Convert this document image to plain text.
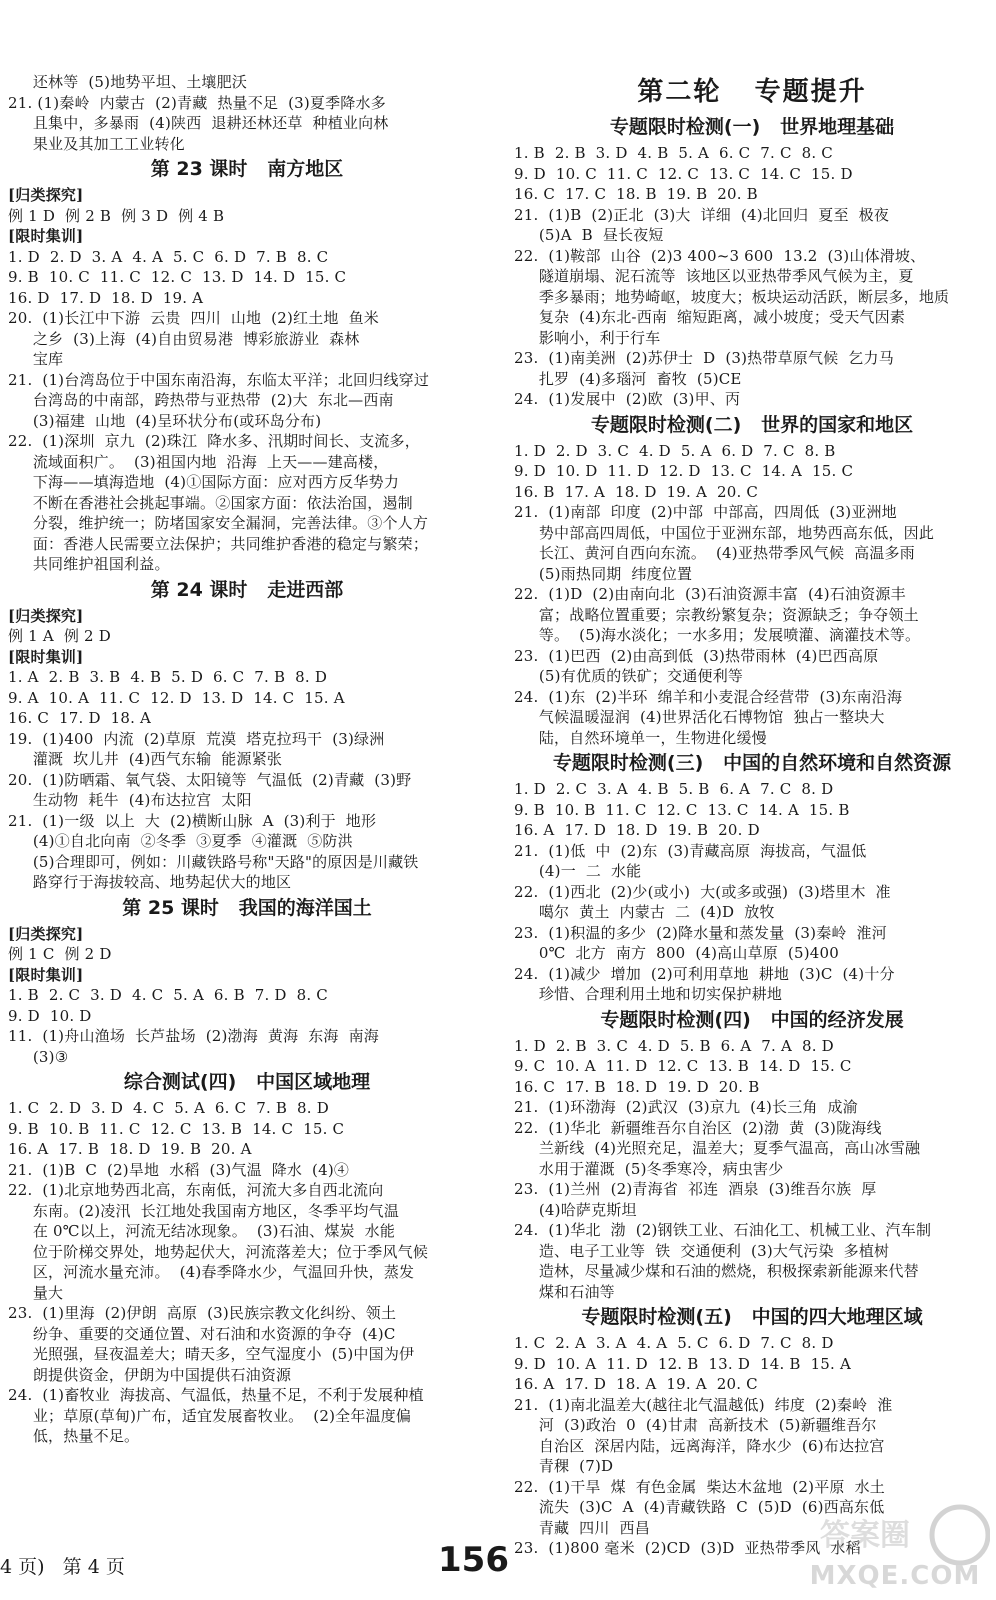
还林等  (5)地势平坦、土壤肥沃
21. (1)秦岭  内蒙古  (2)青藏  热量不足  (3)夏季降水多
且集中，多暴雨  (4)陕西  退耕还林还草  种植业向林
果业及其加工工业转化
第 23 课时   南方地区
[归类探究]
例 1 D  例 2 B  例 3 D  例 4 B
[限时集训]
1. D  2. D  3. A  4. A  5. C  6. D  7. B  8. C
9. B  10. C  11. C  12. C  13. D  14. D  15. C
16. D  17. D  18. D  19. A
20.  (1)长江中下游  云贵  四川  山地  (2)红土地  鱼米
之乡  (3)上海  (4)自由贸易港  博彩旅游业  森林
宝库
21.  (1)台湾岛位于中国东南沿海，东临太平洋；北回归线穿过
台湾岛的中南部，跨热带与亚热带  (2)大  东北—西南
(3)福建  山地  (4)呈环状分布(或环岛分布)
22.  (1)深圳  京九  (2)珠江  降水多、汛期时间长、支流多，
流域面积广。  (3)祖国内地  沿海  上天——建高楼，
下海——填海造地  (4)①国际方面：应对西方反华势力
不断在香港社会挑起事端。②国家方面：依法治国，遏制
分裂，维护统一；防堵国家安全漏洞，完善法律。③个人方
面：香港人民需要立法保护；共同维护香港的稳定与繁荣；
共同维护祖国利益。
第 24 课时   走进西部
[归类探究]
例 1 A  例 2 D
[限时集训]
1. A  2. B  3. B  4. B  5. D  6. C  7. B  8. D
9. A  10. A  11. C  12. D  13. D  14. C  15. A
16. C  17. D  18. A
19.  (1)400  内流  (2)草原  荒漠  塔克拉玛干  (3)绿洲
灌溉  坎儿井  (4)西气东输  能源紧张
20.  (1)防晒霜、氧气袋、太阳镜等  气温低  (2)青藏  (3)野
生动物  耗牛  (4)布达拉宫  太阳
21.  (1)一级  以上  大  (2)横断山脉  A  (3)利于  地形
(4)①自北向南  ②冬季  ③夏季  ④灌溉  ⑤防洪
(5)合理即可，例如：川藏铁路号称"天路"的原因是川藏铁
路穿行于海拔较高、地势起伏大的地区
第 25 课时   我国的海洋国土
[归类探究]
例 1 C  例 2 D
[限时集训]
1. B  2. C  3. D  4. C  5. A  6. B  7. D  8. C
9. D  10. D
11.  (1)舟山渔场  长芦盐场  (2)渤海  黄海  东海  南海
(3)③
综合测试(四)   中国区域地理
1. C  2. D  3. D  4. C  5. A  6. C  7. B  8. D
9. B  10. B  11. C  12. C  13. B  14. C  15. C
16. A  17. B  18. D  19. B  20. A
21.  (1)B  C  (2)旱地  水稻  (3)气温  降水  (4)④
22.  (1)北京地势西北高，东南低，河流大多自西北流向
东南。(2)凌汛  长江地处我国南方地区，冬季平均气温
在 0℃以上，河流无结冰现象。  (3)石油、煤炭  水能
位于阶梯交界处，地势起伏大，河流落差大；位于季风气候
区，河流水量充沛。  (4)春季降水少，气温回升快，蒸发
量大
23.  (1)里海  (2)伊朗  高原  (3)民族宗教文化纠纷、领土
纷争、重要的交通位置、对石油和水资源的争夺  (4)C
光照强，昼夜温差大；晴天多，空气湿度小  (5)中国为伊
朗提供资金，伊朗为中国提供石油资源
24.  (1)畜牧业  海拔高、气温低，热量不足，不利于发展种植
业；草原(草甸)广布，适宜发展畜牧业。  (2)全年温度偏
低，热量不足。
第二轮   专题提升
专题限时检测(一)   世界地理基础
1. B  2. B  3. D  4. B  5. A  6. C  7. C  8. C
9. D  10. C  11. C  12. C  13. C  14. C  15. D
16. C  17. C  18. B  19. B  20. B
21.  (1)B  (2)正北  (3)大  详细  (4)北回归  夏至  极夜
(5)A  B  昼长夜短
22.  (1)鞍部  山谷  (2)3 400~3 600  13.2  (3)山体滑坡、
隧道崩塌、泥石流等  该地区以亚热带季风气候为主，夏
季多暴雨；地势崎岖，坡度大；板块运动活跃，断层多，地质
复杂  (4)东北-西南  缩短距离，减小坡度；受天气因素
影响小，利于行车
23.  (1)南美洲  (2)苏伊士  D  (3)热带草原气候  乞力马
扎罗  (4)多瑙河  畜牧  (5)CE
24.  (1)发展中  (2)欧  (3)甲、丙
专题限时检测(二)   世界的国家和地区
1. D  2. D  3. C  4. D  5. A  6. D  7. C  8. B
9. D  10. D  11. D  12. D  13. C  14. A  15. C
16. B  17. A  18. D  19. A  20. C
21.  (1)南部  印度  (2)中部  中部高，四周低  (3)亚洲地
势中部高四周低，中国位于亚洲东部，地势西高东低，因此
长江、黄河自西向东流。  (4)亚热带季风气候  高温多雨
(5)雨热同期  纬度位置
22.  (1)D  (2)由南向北  (3)石油资源丰富  (4)石油资源丰
富；战略位置重要；宗教纷繁复杂；资源缺乏；争夺领土
等。  (5)海水淡化；一水多用；发展喷灌、滴灌技术等。
23.  (1)巴西  (2)由高到低  (3)热带雨林  (4)巴西高原
(5)有优质的铁矿；交通便利等
24.  (1)东  (2)半环  绵羊和小麦混合经营带  (3)东南沿海
气候温暖湿润  (4)世界活化石博物馆  独占一整块大
陆，自然环境单一，生物进化缓慢
专题限时检测(三)   中国的自然环境和自然资源
1. D  2. C  3. A  4. B  5. B  6. A  7. C  8. D
9. B  10. B  11. C  12. C  13. C  14. A  15. B
16. A  17. D  18. D  19. B  20. D
21.  (1)低  中  (2)东  (3)青藏高原  海拔高，气温低
(4)一  二  水能
22.  (1)西北  (2)少(或小)  大(或多或强)  (3)塔里木  准
噶尔  黄土  内蒙古  二  (4)D  放牧
23.  (1)积温的多少  (2)降水量和蒸发量  (3)秦岭  淮河
0℃  北方  南方  800  (4)高山草原  (5)400
24.  (1)减少  增加  (2)可利用草地  耕地  (3)C  (4)十分
珍惜、合理利用土地和切实保护耕地
专题限时检测(四)   中国的经济发展
1. D  2. B  3. C  4. D  5. B  6. A  7. A  8. D
9. C  10. A  11. D  12. C  13. B  14. D  15. C
16. C  17. B  18. D  19. D  20. B
21.  (1)环渤海  (2)武汉  (3)京九  (4)长三角  成渝
22.  (1)华北  新疆维吾尔自治区  (2)渤  黄  (3)陇海线
兰新线  (4)光照充足，温差大；夏季气温高，高山冰雪融
水用于灌溉  (5)冬季寒冷，病虫害少
23.  (1)兰州  (2)青海省  祁连  酒泉  (3)维吾尔族  厚
(4)哈萨克斯坦
24.  (1)华北  渤  (2)钢铁工业、石油化工、机械工业、汽车制
造、电子工业等  铁  交通便利  (3)大气污染  多植树
造林，尽量减少煤和石油的燃烧，积极探索新能源来代替
煤和石油等
专题限时检测(五)   中国的四大地理区域
1. C  2. A  3. A  4. A  5. C  6. D  7. C  8. D
9. D  10. A  11. D  12. B  13. D  14. B  15. A
16. A  17. D  18. A  19. A  20. C
21.  (1)南北温差大(越往北气温越低)  纬度  (2)秦岭  淮
河  (3)政治  0  (4)甘肃  高新技术  (5)新疆维吾尔
自治区  深居内陆，远离海洋，降水少  (6)布达拉宫
青稞  (7)D
22.  (1)干旱  煤  有色金属  柴达木盆地  (2)平原  水土
流失  (3)C  A  (4)青藏铁路  C  (5)D  (6)西高东低
青藏  四川  西昌
23.  (1)800 毫米  (2)CD  (3)D  亚热带季风  水稻
4 页)   第 4 页	156
答案圈
MXQE.COM
